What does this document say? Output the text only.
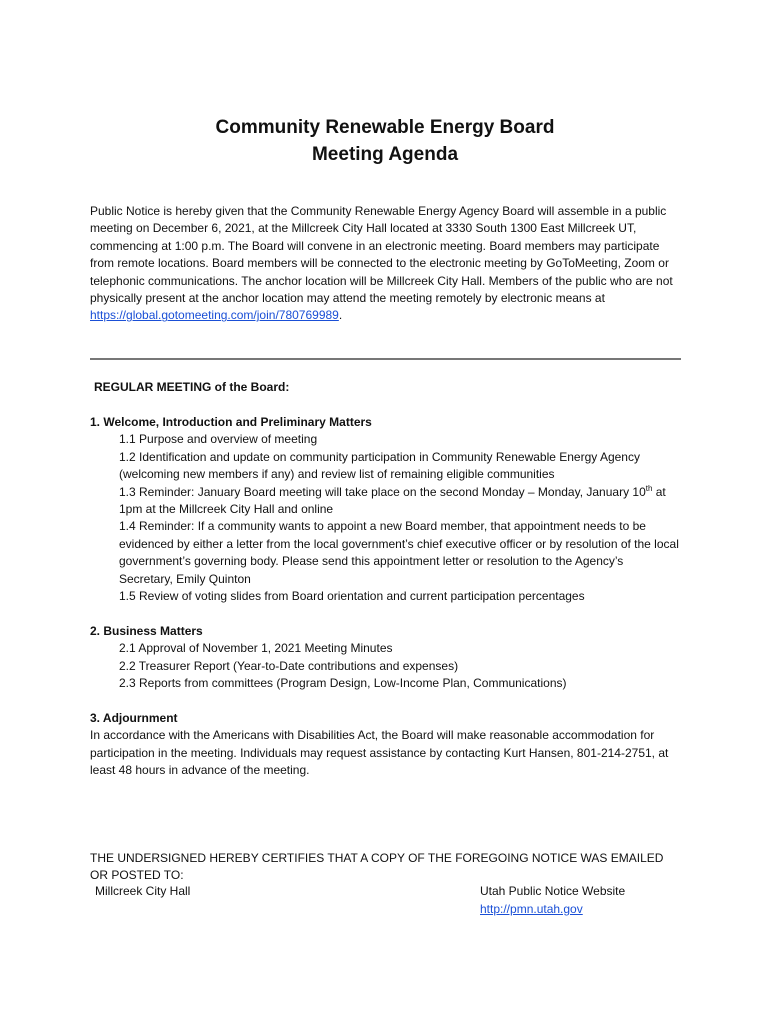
Community Renewable Energy Board
Meeting Agenda
Public Notice is hereby given that the Community Renewable Energy Agency Board will assemble in a public meeting on December 6, 2021, at the Millcreek City Hall located at 3330 South 1300 East Millcreek UT, commencing at 1:00 p.m. The Board will convene in an electronic meeting. Board members may participate from remote locations. Board members will be connected to the electronic meeting by GoToMeeting, Zoom or telephonic communications. The anchor location will be Millcreek City Hall. Members of the public who are not physically present at the anchor location may attend the meeting remotely by electronic means at https://global.gotomeeting.com/join/780769989.
REGULAR MEETING of the Board:
1. Welcome, Introduction and Preliminary Matters
1.1 Purpose and overview of meeting
1.2 Identification and update on community participation in Community Renewable Energy Agency (welcoming new members if any) and review list of remaining eligible communities
1.3 Reminder: January Board meeting will take place on the second Monday – Monday, January 10th at 1pm at the Millcreek City Hall and online
1.4 Reminder: If a community wants to appoint a new Board member, that appointment needs to be evidenced by either a letter from the local government’s chief executive officer or by resolution of the local government’s governing body. Please send this appointment letter or resolution to the Agency’s Secretary, Emily Quinton
1.5 Review of voting slides from Board orientation and current participation percentages
2. Business Matters
2.1 Approval of November 1, 2021 Meeting Minutes
2.2 Treasurer Report (Year-to-Date contributions and expenses)
2.3 Reports from committees (Program Design, Low-Income Plan, Communications)
3. Adjournment
In accordance with the Americans with Disabilities Act, the Board will make reasonable accommodation for participation in the meeting. Individuals may request assistance by contacting Kurt Hansen, 801-214-2751, at least 48 hours in advance of the meeting.
THE UNDERSIGNED HEREBY CERTIFIES THAT A COPY OF THE FOREGOING NOTICE WAS EMAILED OR POSTED TO:
Millcreek City Hall	Utah Public Notice Website
http://pmn.utah.gov
